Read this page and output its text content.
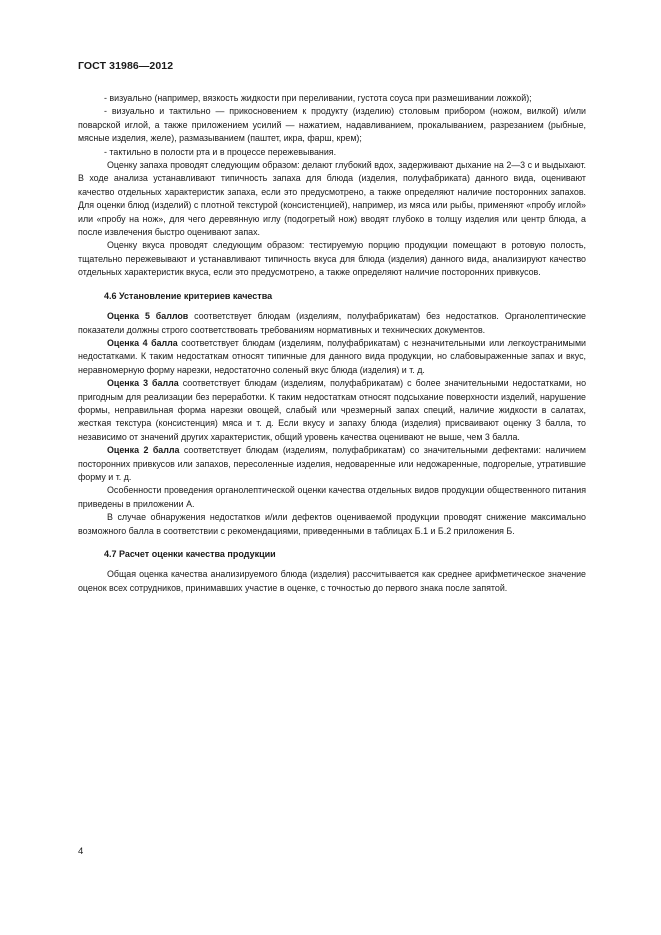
ГОСТ 31986—2012

- визуально (например, вязкость жидкости при переливании, густота соуса при размешивании ложкой);

- визуально и тактильно — прикосновением к продукту (изделию) столовым прибором (ножом, вилкой) и/или поварской иглой, а также приложением усилий — нажатием, надавливанием, прокалыванием, разрезанием (рыбные, мясные изделия, желе), размазыванием (паштет, икра, фарш, крем);

- тактильно в полости рта и в процессе пережевывания.

Оценку запаха проводят следующим образом: делают глубокий вдох, задерживают дыхание на 2—3 с и выдыхают. В ходе анализа устанавливают типичность запаха для блюда (изделия, полуфабриката) данного вида, оценивают качество отдельных характеристик запаха, если это предусмотрено, а также определяют наличие посторонних запахов. Для оценки блюд (изделий) с плотной текстурой (консистенцией), например, из мяса или рыбы, применяют «пробу иглой» или «пробу на нож», для чего деревянную иглу (подогретый нож) вводят глубоко в толщу изделия или центр блюда, а после извлечения быстро оценивают запах.

Оценку вкуса проводят следующим образом: тестируемую порцию продукции помещают в ротовую полость, тщательно пережевывают и устанавливают типичность вкуса для блюда (изделия) данного вида, анализируют качество отдельных характеристик вкуса, если это предусмотрено, а также определяют наличие посторонних привкусов.

4.6 Установление критериев качества

Оценка 5 баллов соответствует блюдам (изделиям, полуфабрикатам) без недостатков. Органолептические показатели должны строго соответствовать требованиям нормативных и технических документов.

Оценка 4 балла соответствует блюдам (изделиям, полуфабрикатам) с незначительными или легкоустранимыми недостатками. К таким недостаткам относят типичные для данного вида продукции, но слабовыраженные запах и вкус, неравномерную форму нарезки, недостаточно соленый вкус блюда (изделия) и т. д.

Оценка 3 балла соответствует блюдам (изделиям, полуфабрикатам) с более значительными недостатками, но пригодным для реализации без переработки. К таким недостаткам относят подсыхание поверхности изделий, нарушение формы, неправильная форма нарезки овощей, слабый или чрезмерный запах специй, наличие жидкости в салатах, жесткая текстура (консистенция) мяса и т. д. Если вкусу и запаху блюда (изделия) присваивают оценку 3 балла, то независимо от значений других характеристик, общий уровень качества оценивают не выше, чем 3 балла.

Оценка 2 балла соответствует блюдам (изделиям, полуфабрикатам) со значительными дефектами: наличием посторонних привкусов или запахов, пересоленные изделия, недоваренные или недожаренные, подгорелые, утратившие форму и т. д.

Особенности проведения органолептической оценки качества отдельных видов продукции общественного питания приведены в приложении А.

В случае обнаружения недостатков и/или дефектов оцениваемой продукции проводят снижение максимально возможного балла в соответствии с рекомендациями, приведенными в таблицах Б.1 и Б.2 приложения Б.

4.7 Расчет оценки качества продукции

Общая оценка качества анализируемого блюда (изделия) рассчитывается как среднее арифметическое значение оценок всех сотрудников, принимавших участие в оценке, с точностью до первого знака после запятой.

4
